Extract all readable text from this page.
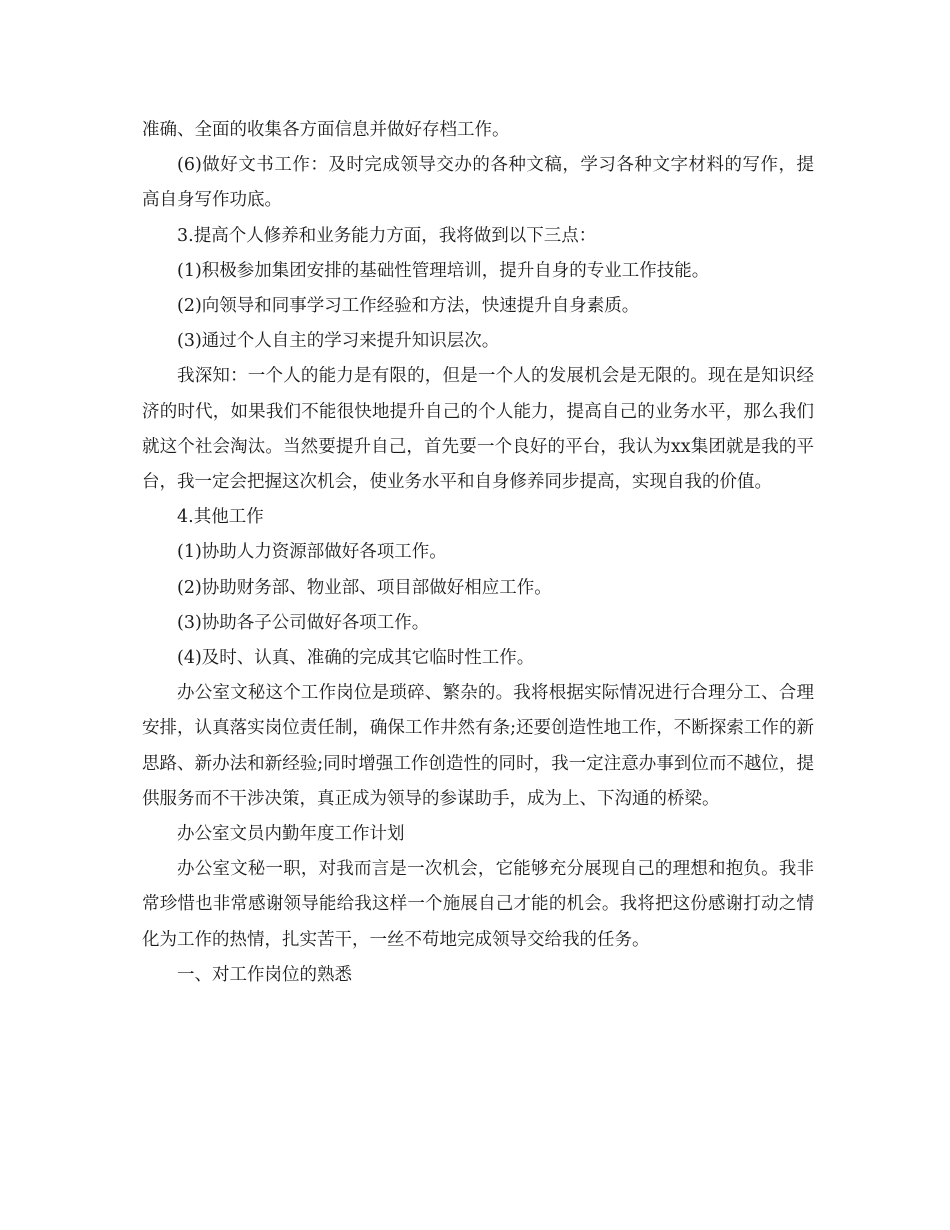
准确、全面的收集各方面信息并做好存档工作。

(6)做好文书工作：及时完成领导交办的各种文稿，学习各种文字材料的写作，提高自身写作功底。

3.提高个人修养和业务能力方面，我将做到以下三点：

(1)积极参加集团安排的基础性管理培训，提升自身的专业工作技能。

(2)向领导和同事学习工作经验和方法，快速提升自身素质。

(3)通过个人自主的学习来提升知识层次。

我深知：一个人的能力是有限的，但是一个人的发展机会是无限的。现在是知识经济的时代，如果我们不能很快地提升自己的个人能力，提高自己的业务水平，那么我们就这个社会淘汰。当然要提升自己，首先要一个良好的平台，我认为xx集团就是我的平台，我一定会把握这次机会，使业务水平和自身修养同步提高，实现自我的价值。

4.其他工作

(1)协助人力资源部做好各项工作。

(2)协助财务部、物业部、项目部做好相应工作。

(3)协助各子公司做好各项工作。

(4)及时、认真、准确的完成其它临时性工作。

办公室文秘这个工作岗位是琐碎、繁杂的。我将根据实际情况进行合理分工、合理安排，认真落实岗位责任制，确保工作井然有条;还要创造性地工作，不断探索工作的新思路、新办法和新经验;同时增强工作创造性的同时，我一定注意办事到位而不越位，提供服务而不干涉决策，真正成为领导的参谋助手，成为上、下沟通的桥梁。

办公室文员内勤年度工作计划

办公室文秘一职，对我而言是一次机会，它能够充分展现自己的理想和抱负。我非常珍惜也非常感谢领导能给我这样一个施展自己才能的机会。我将把这份感谢打动之情化为工作的热情，扎实苦干，一丝不苟地完成领导交给我的任务。

一、对工作岗位的熟悉
